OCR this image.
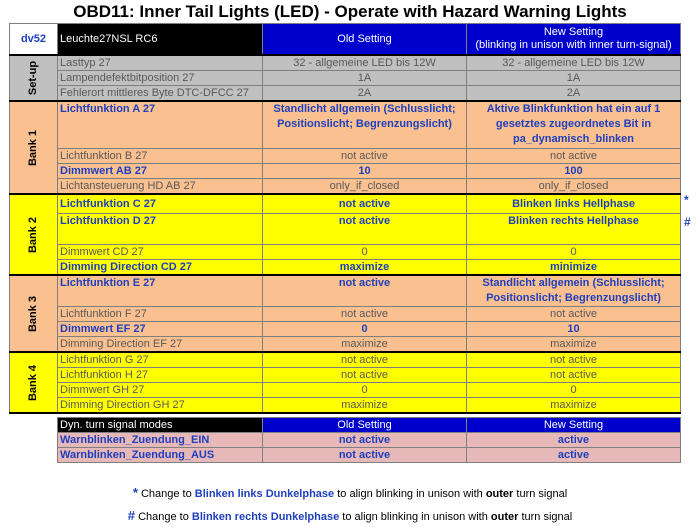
OBD11: Inner Tail Lights (LED) - Operate with Hazard Warning Lights
dv52	Leuchte27NSL RC6	Old Setting	New Setting
(blinking in unison with inner turn-signal)

Set-up	Lasttyp 27	32 - allgemeine LED bis 12W	32 - allgemeine LED bis 12W
	Lampendefektbitposition 27	1A	1A
	Fehlerort mittleres Byte DTC-DFCC 27	2A	2A
Bank 1	Lichtfunktion A 27	Standlicht allgemein (Schlusslicht; Positionslicht; Begrenzungslicht)	Aktive Blinkfunktion hat ein auf 1 gesetztes zugeordnetes Bit in pa_dynamisch_blinken
	Lichtfunktion B 27	not active	not active
	Dimmwert AB 27	10	100
	Lichtansteuerung HD AB 27	only_if_closed	only_if_closed
Bank 2	Lichtfunktion C 27	not active	Blinken links Hellphase
	Lichtfunktion D 27	not active	Blinken rechts Hellphase
	Dimmwert CD 27	0	0
	Dimming Direction CD 27	maximize	minimize
Bank 3	Lichtfunktion E 27	not active	Standlicht allgemein (Schlusslicht; Positionslicht; Begrenzungslicht)
	Lichtfunktion F 27	not active	not active
	Dimmwert EF 27	0	10
	Dimming Direction EF 27	maximize	maximize
Bank 4	Lichtfunktion G 27	not active	not active
	Lichtfunktion H 27	not active	not active
	Dimmwert GH 27	0	0
	Dimming Direction GH 27	maximize	maximize
*
#
Dyn. turn signal modes	Old Setting	New Setting
Warnblinken_Zuendung_EIN	not active	active
Warnblinken_Zuendung_AUS	not active	active
* Change to Blinken links Dunkelphase to align blinking in unison with outer turn signal
# Change to Blinken rechts Dunkelphase to align blinking in unison with outer turn signal
